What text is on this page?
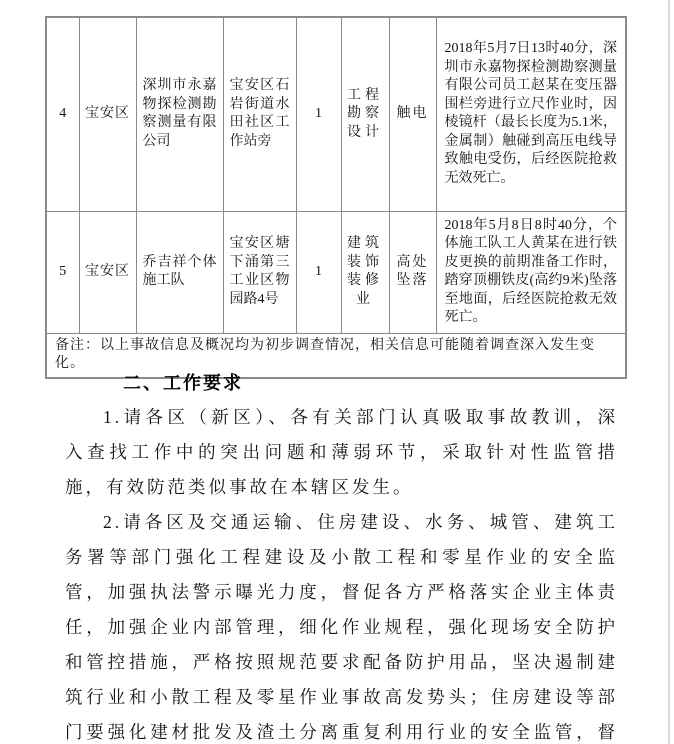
4	宝安区	深圳市永嘉物探检测勘察测量有限公司	宝安区石岩街道水田社区工作站旁	1	工程勘察设计	触电	2018年5月7日13时40分，深圳市永嘉物探检测勘察测量有限公司员工赵某在变压器围栏旁进行立尺作业时，因棱镜杆（最长长度为5.1米，金属制）触碰到高压电线导致触电受伤，后经医院抢救无效死亡。
5	宝安区	乔吉祥个体施工队	宝安区塘下涌第三工业区物园路4号	1	建筑装饰装修业	高处坠落	2018年5月8日8时40分，个体施工队工人黄某在进行铁皮更换的前期准备工作时，踏穿顶棚铁皮(高约9米)坠落至地面，后经医院抢救无效死亡。
备注：以上事故信息及概况均为初步调查情况，相关信息可能随着调查深入发生变化。							
二、工作要求
1.请各区（新区）、各有关部门认真吸取事故教训，深
入查找工作中的突出问题和薄弱环节，采取针对性监管措
施，有效防范类似事故在本辖区发生。
2.请各区及交通运输、住房建设、水务、城管、建筑工
务署等部门强化工程建设及小散工程和零星作业的安全监
管，加强执法警示曝光力度，督促各方严格落实企业主体责
任，加强企业内部管理，细化作业规程，强化现场安全防护
和管控措施，严格按照规范要求配备防护用品，坚决遏制建
筑行业和小散工程及零星作业事故高发势头；住房建设等部
门要强化建材批发及渣土分离重复利用行业的安全监管，督
